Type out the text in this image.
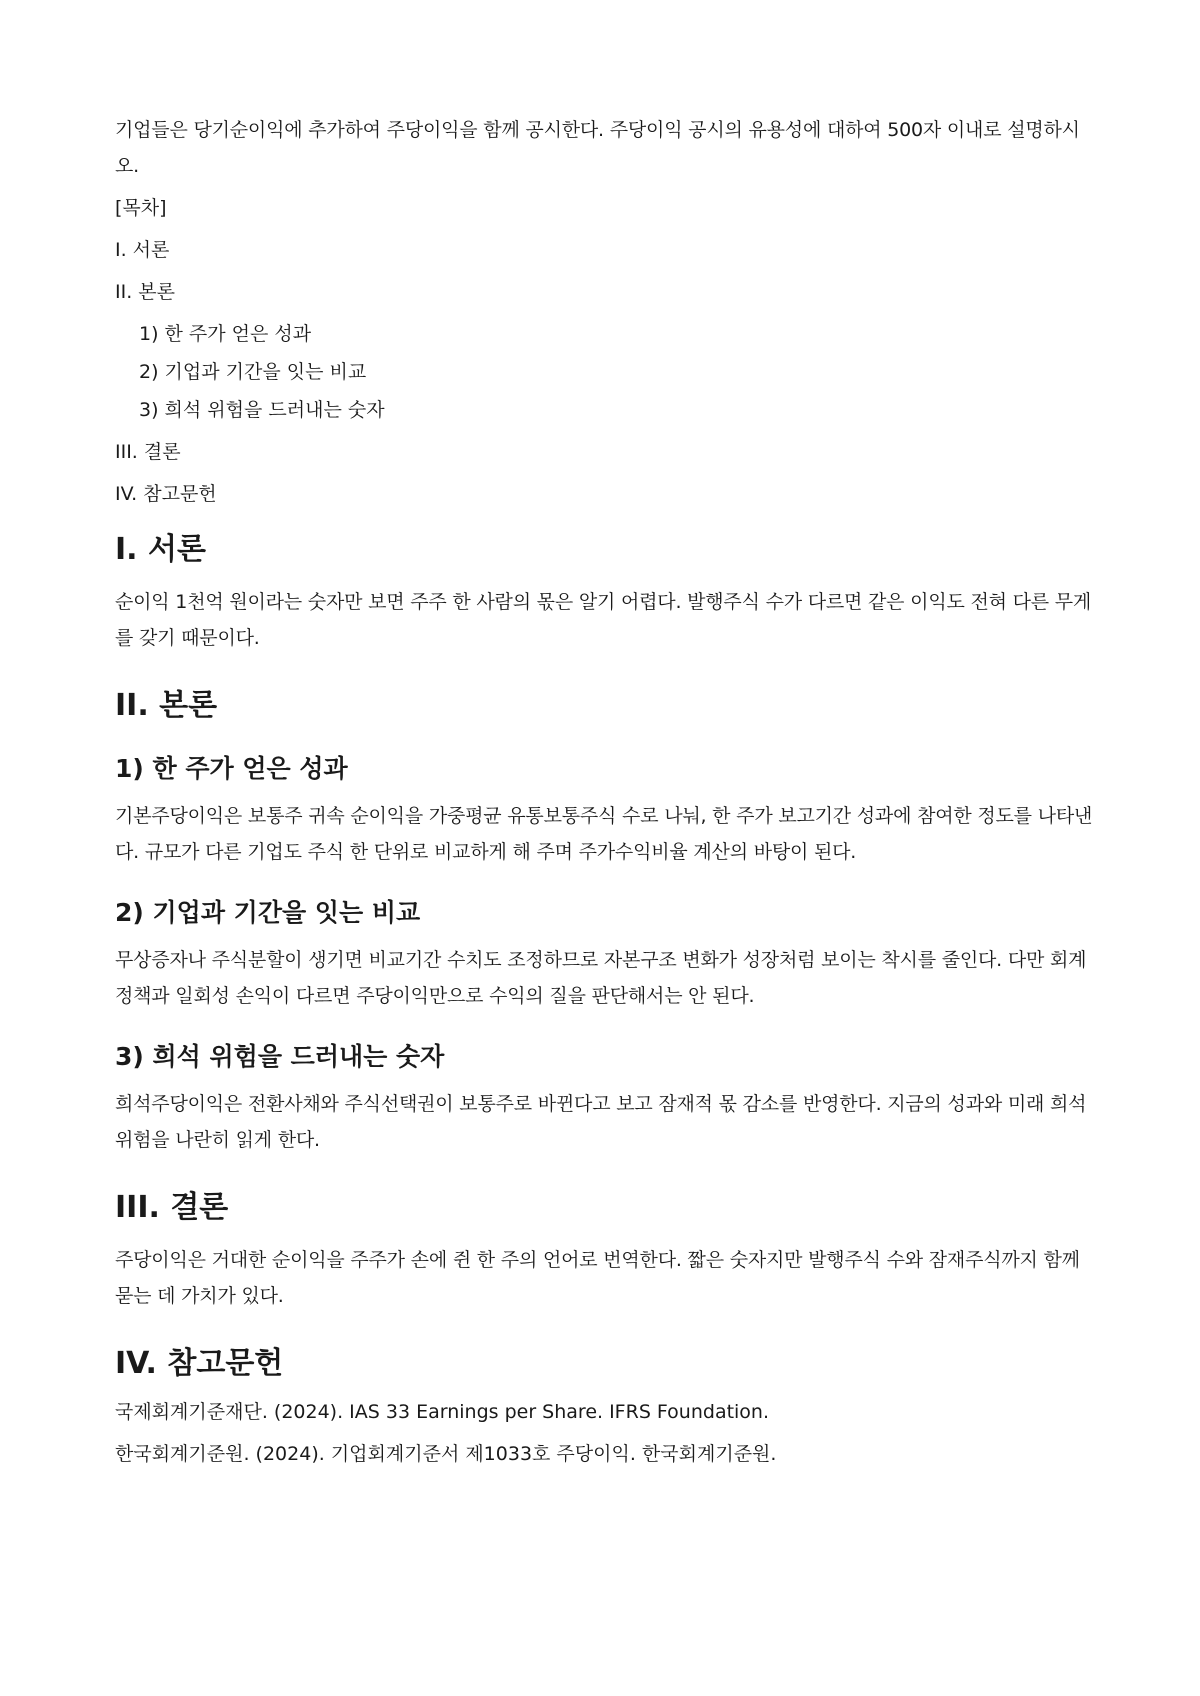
기업들은 당기순이익에 추가하여 주당이익을 함께 공시한다. 주당이익 공시의 유용성에 대하여 500자 이내로 설명하시오.

[목차]

I. 서론

II. 본론

1) 한 주가 얻은 성과

2) 기업과 기간을 잇는 비교

3) 희석 위험을 드러내는 숫자

III. 결론

IV. 참고문헌

I. 서론

순이익 1천억 원이라는 숫자만 보면 주주 한 사람의 몫은 알기 어렵다. 발행주식 수가 다르면 같은 이익도 전혀 다른 무게를 갖기 때문이다.

II. 본론
1) 한 주가 얻은 성과

기본주당이익은 보통주 귀속 순이익을 가중평균 유통보통주식 수로 나눠, 한 주가 보고기간 성과에 참여한 정도를 나타낸다. 규모가 다른 기업도 주식 한 단위로 비교하게 해 주며 주가수익비율 계산의 바탕이 된다.

2) 기업과 기간을 잇는 비교

무상증자나 주식분할이 생기면 비교기간 수치도 조정하므로 자본구조 변화가 성장처럼 보이는 착시를 줄인다. 다만 회계정책과 일회성 손익이 다르면 주당이익만으로 수익의 질을 판단해서는 안 된다.

3) 희석 위험을 드러내는 숫자

희석주당이익은 전환사채와 주식선택권이 보통주로 바뀐다고 보고 잠재적 몫 감소를 반영한다. 지금의 성과와 미래 희석위험을 나란히 읽게 한다.

III. 결론

주당이익은 거대한 순이익을 주주가 손에 쥔 한 주의 언어로 번역한다. 짧은 숫자지만 발행주식 수와 잠재주식까지 함께 묻는 데 가치가 있다.

IV. 참고문헌

국제회계기준재단. (2024). IAS 33 Earnings per Share. IFRS Foundation.

한국회계기준원. (2024). 기업회계기준서 제1033호 주당이익. 한국회계기준원.
